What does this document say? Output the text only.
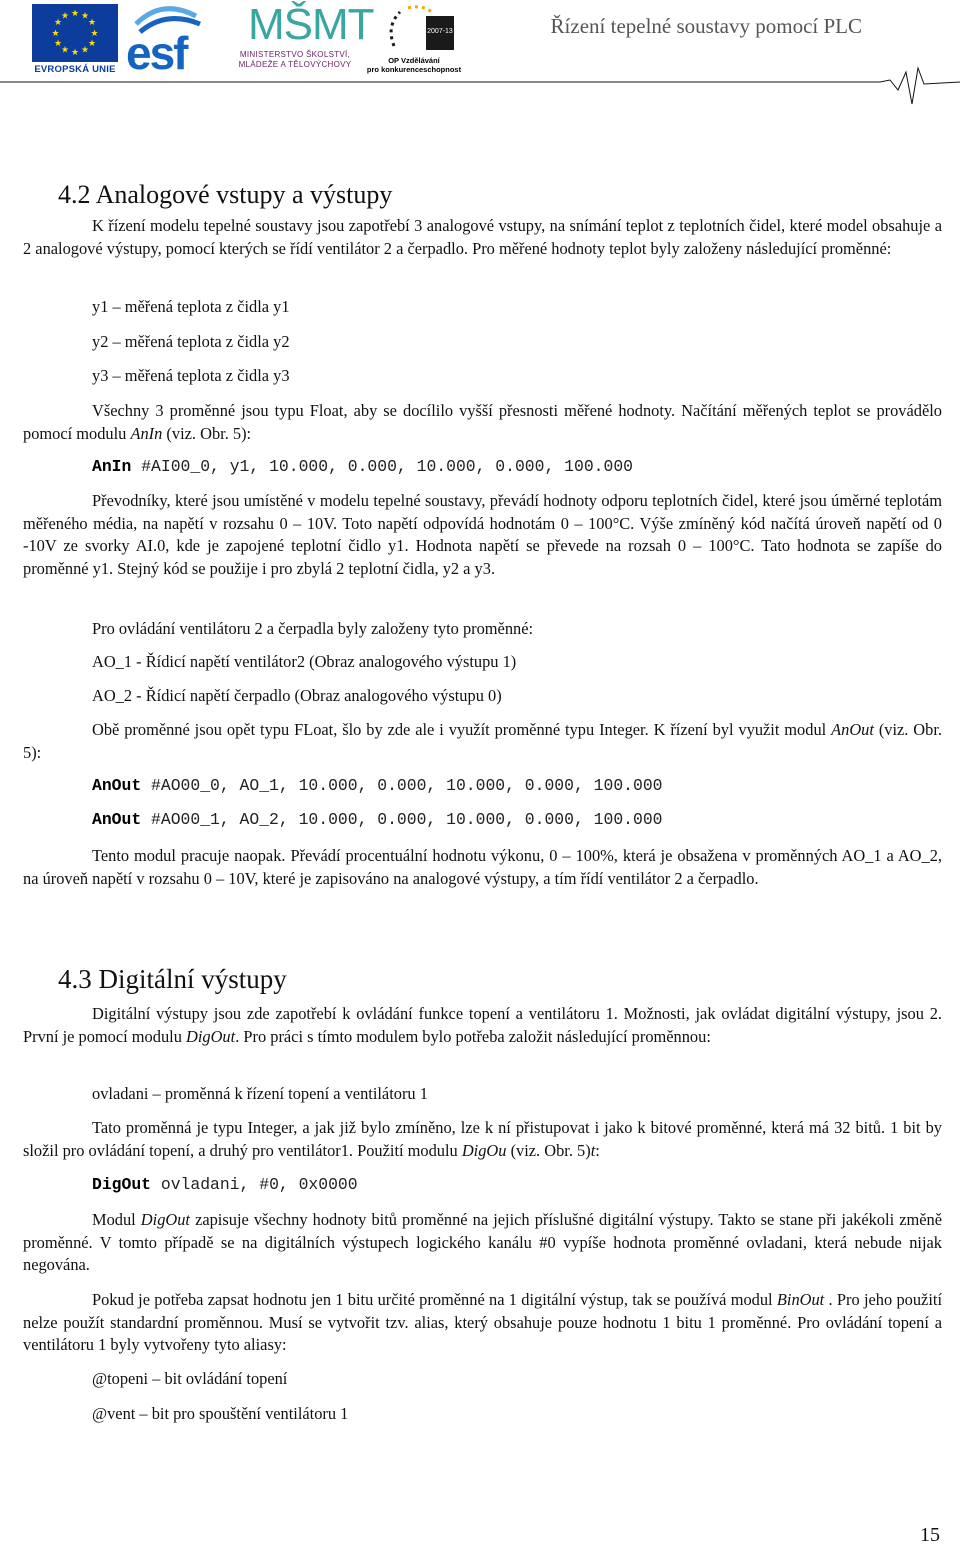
★ ★
★
★
★
★
★
★
★
★
★
★
EVROPSKÁ UNIE esf
MŠMT
MINISTERSTVO ŠKOLSTVÍ,
MLÁDEŽE A TĚLOVÝCHOVY
2007-13
OP Vzdělávání
pro konkurenceschopnost
Řízení tepelné soustavy pomocí PLC
4.2 Analogové vstupy a výstupy

K řízení modelu tepelné soustavy jsou zapotřebí 3 analogové vstupy, na snímání teplot z teplotních čidel, které model obsahuje a 2 analogové výstupy, pomocí kterých se řídí ventilátor 2 a čerpadlo. Pro měřené hodnoty teplot byly založeny následující proměnné:

y1 – měřená teplota z čidla y1
y2 – měřená teplota z čidla y2
y3 – měřená teplota z čidla y3

Všechny 3 proměnné jsou typu Float, aby se docílilo vyšší přesnosti měřené hodnoty. Načítání měřených teplot se provádělo pomocí modulu AnIn (viz. Obr. 5):

AnIn #AI00_0, y1, 10.000, 0.000, 10.000, 0.000, 100.000

Převodníky, které jsou umístěné v modelu tepelné soustavy, převádí hodnoty odporu teplotních čidel, které jsou úměrné teplotám měřeného média, na napětí v rozsahu 0 – 10V. Toto napětí odpovídá hodnotám 0 – 100°C. Výše zmíněný kód načítá úroveň napětí od 0 -10V ze svorky AI.0, kde je zapojené teplotní čidlo y1. Hodnota napětí se převede na rozsah 0 – 100°C. Tato hodnota se zapíše do proměnné y1. Stejný kód se použije i pro zbylá 2 teplotní čidla, y2 a y3.

Pro ovládání ventilátoru 2 a čerpadla byly založeny tyto proměnné:
AO_1 - Řídicí napětí ventilátor2 (Obraz analogového výstupu 1)
AO_2 - Řídicí napětí čerpadlo (Obraz analogového výstupu 0)

Obě proměnné jsou opět typu FLoat, šlo by zde ale i využít proměnné typu Integer. K řízení byl využit modul AnOut (viz. Obr. 5):

AnOut #AO00_0, AO_1, 10.000, 0.000, 10.000, 0.000, 100.000
AnOut #AO00_1, AO_2, 10.000, 0.000, 10.000, 0.000, 100.000

Tento modul pracuje naopak. Převádí procentuální hodnotu výkonu, 0 – 100%, která je obsažena v proměnných AO_1 a AO_2, na úroveň napětí v rozsahu 0 – 10V, které je zapisováno na analogové výstupy, a tím řídí ventilátor 2 a čerpadlo.

4.3 Digitální výstupy

Digitální výstupy jsou zde zapotřebí k ovládání funkce topení a ventilátoru 1. Možnosti, jak ovládat digitální výstupy, jsou 2. První je pomocí modulu DigOut. Pro práci s tímto modulem bylo potřeba založit následující proměnnou:

ovladani – proměnná k řízení topení a ventilátoru 1

Tato proměnná je typu Integer, a jak již bylo zmíněno, lze k ní přistupovat i jako k bitové proměnné, která má 32 bitů. 1 bit by složil pro ovládání topení, a druhý pro ventilátor1. Použití modulu DigOu (viz. Obr. 5)t:

DigOut ovladani, #0, 0x0000

Modul DigOut zapisuje všechny hodnoty bitů proměnné na jejich příslušné digitální výstupy. Takto se stane při jakékoli změně proměnné. V tomto případě se na digitálních výstupech logického kanálu #0 vypíše hodnota proměnné ovladani, která nebude nijak negována.

Pokud je potřeba zapsat hodnotu jen 1 bitu určité proměnné na 1 digitální výstup, tak se používá modul BinOut . Pro jeho použití nelze použít standardní proměnnou. Musí se vytvořit tzv. alias, který obsahuje pouze hodnotu 1 bitu 1 proměnné. Pro ovládání topení a ventilátoru 1 byly vytvořeny tyto aliasy:

@topeni – bit ovládání topení
@vent – bit pro spouštění ventilátoru 1
15
